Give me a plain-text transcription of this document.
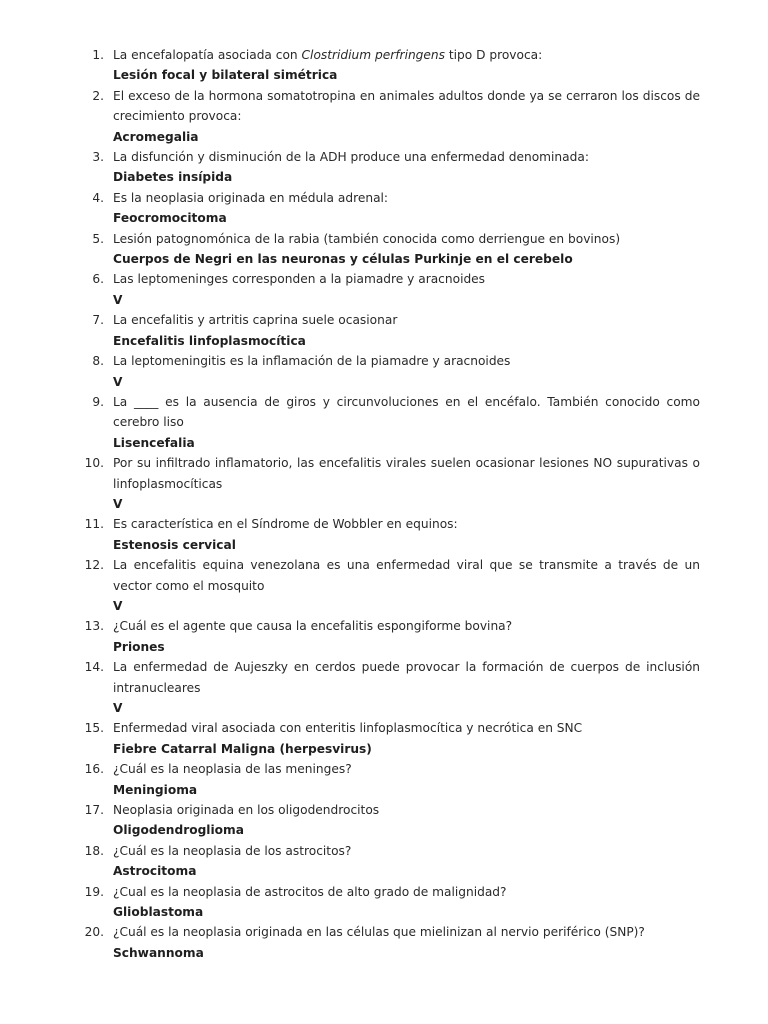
1. La encefalopatía asociada con Clostridium perfringens tipo D provoca:
Lesión focal y bilateral simétrica
2. El exceso de la hormona somatotropina en animales adultos donde ya se cerraron los discos de crecimiento provoca:
Acromegalia
3. La disfunción y disminución de la ADH produce una enfermedad denominada:
Diabetes insípida
4. Es la neoplasia originada en médula adrenal:
Feocromocitoma
5. Lesión patognomónica de la rabia (también conocida como derriengue en bovinos)
Cuerpos de Negri en las neuronas y células Purkinje en el cerebelo
6. Las leptomeninges corresponden a la piamadre y aracnoides
V
7. La encefalitis y artritis caprina suele ocasionar
Encefalitis linfoplasmocítica
8. La leptomeningitis es la inflamación de la piamadre y aracnoides
V
9. La ____ es la ausencia de giros y circunvoluciones en el encéfalo. También conocido como cerebro liso
Lisencefalia
10. Por su infiltrado inflamatorio, las encefalitis virales suelen ocasionar lesiones NO supurativas o linfoplasmocíticas
V
11. Es característica en el Síndrome de Wobbler en equinos:
Estenosis cervical
12. La encefalitis equina venezolana es una enfermedad viral que se transmite a través de un vector como el mosquito
V
13. ¿Cuál es el agente que causa la encefalitis espongiforme bovina?
Priones
14. La enfermedad de Aujeszky en cerdos puede provocar la formación de cuerpos de inclusión intranucleares
V
15. Enfermedad viral asociada con enteritis linfoplasmocítica y necrótica en SNC
Fiebre Catarral Maligna (herpesvirus)
16. ¿Cuál es la neoplasia de las meninges?
Meningioma
17. Neoplasia originada en los oligodendrocitos
Oligodendroglioma
18. ¿Cuál es la neoplasia de los astrocitos?
Astrocitoma
19. ¿Cual es la neoplasia de astrocitos de alto grado de malignidad?
Glioblastoma
20. ¿Cuál es la neoplasia originada en las células que mielinizan al nervio periférico (SNP)?
Schwannoma
